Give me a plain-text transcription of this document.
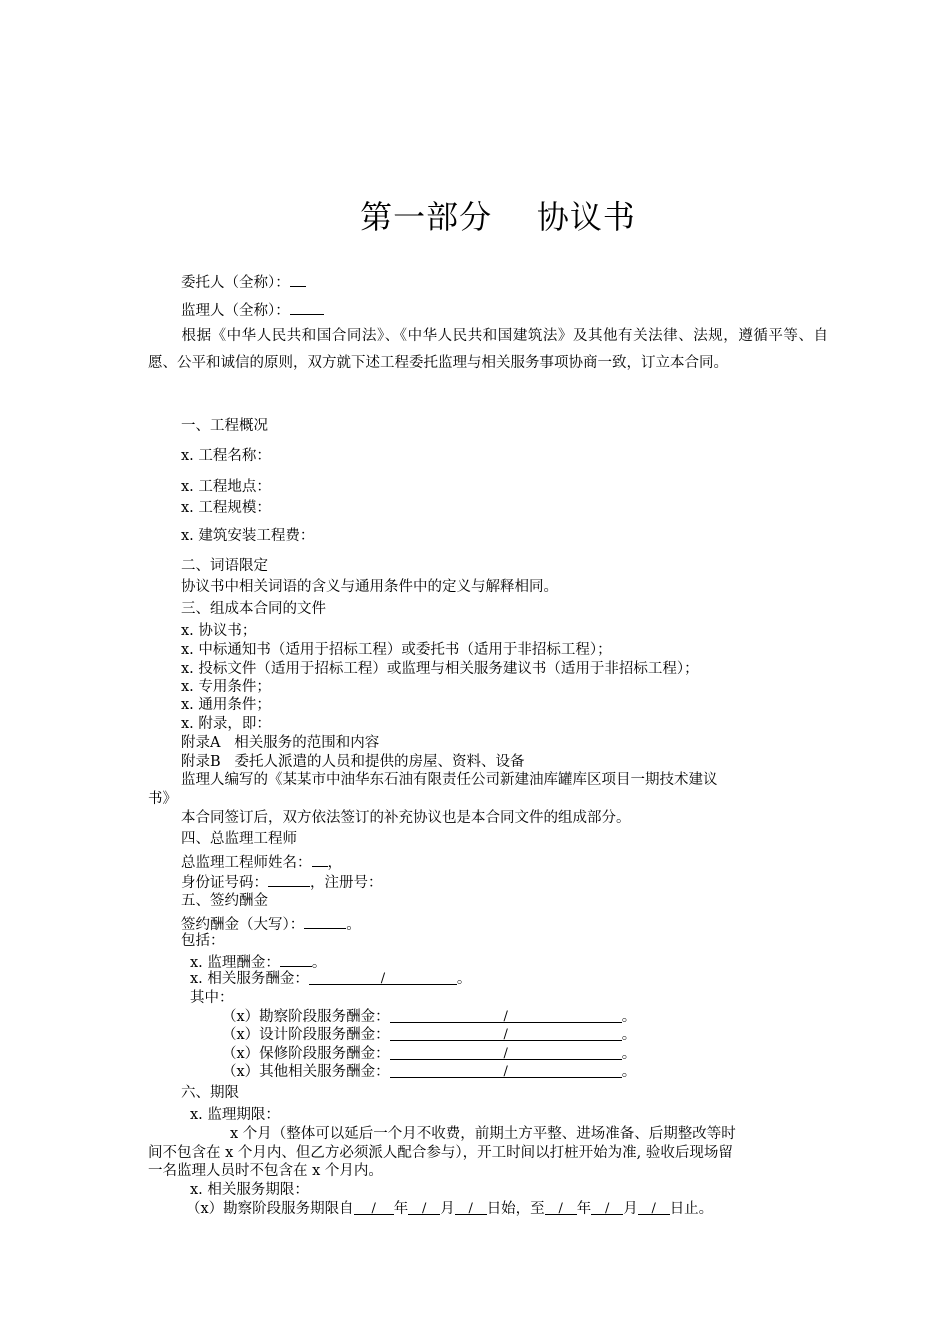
第一部分    协议书
委托人（全称）：
监理人（全称）：
根据《中华人民共和国合同法》、《中华人民共和国建筑法》及其他有关法律、法规，遵循平等、自愿、公平和诚信的原则，双方就下述工程委托监理与相关服务事项协商一致，订立本合同。
一、工程概况
x. 工程名称：
x. 工程地点：
x. 工程规模：
x. 建筑安装工程费：
二、词语限定
协议书中相关词语的含义与通用条件中的定义与解释相同。
三、组成本合同的文件
x. 协议书；
x. 中标通知书（适用于招标工程）或委托书（适用于非招标工程）；
x. 投标文件（适用于招标工程）或监理与相关服务建议书（适用于非招标工程）；
x. 专用条件；
x. 通用条件；
x. 附录，即：
附录A   相关服务的范围和内容
附录B   委托人派遣的人员和提供的房屋、资料、设备
监理人编写的《某某市中油华东石油有限责任公司新建油库罐库区项目一期技术建议
书》
本合同签订后，双方依法签订的补充协议也是本合同文件的组成部分。
四、总监理工程师
总监理工程师姓名： ，
身份证号码：	，注册号：
五、签约酬金
签约酬金（大写）：	。
包括：
x. 监理酬金： 。
x. 相关服务酬金：	/	。
其中：
（x）勘察阶段服务酬金：	/	。
（x）设计阶段服务酬金：	/	。
（x）保修阶段服务酬金：	/	。
（x）其他相关服务酬金：	/	。
六、期限
x. 监理期限：
x 个月（整体可以延后一个月不收费，前期土方平整、进场准备、后期整改等时
间不包含在 x 个月内、但乙方必须派人配合参与），开工时间以打桩开始为准, 验收后现场留
一名监理人员时不包含在 x 个月内。
x. 相关服务期限：
（x）勘察阶段服务期限自 / 年 / 月 / 日始，至 / 年 / 月 / 日止。
